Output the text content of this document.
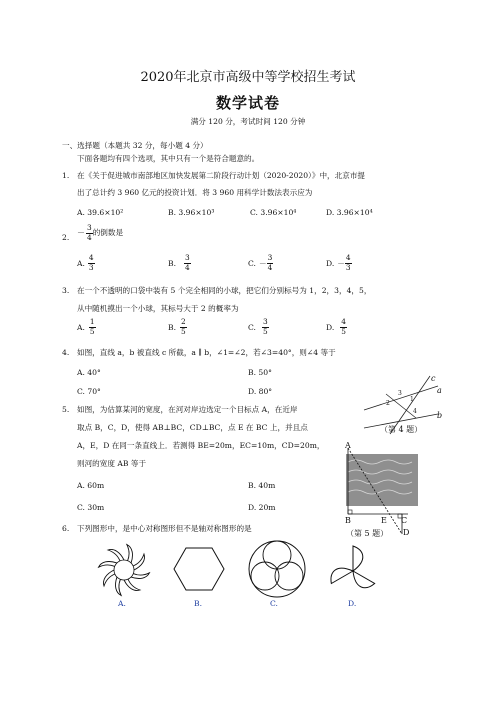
2020年北京市高级中等学校招生考试
数学试卷
满分 120 分，考试时间 120 分钟
一、选择题（本题共 32 分，每小题 4 分）
下面各题均有四个选项，其中只有一个是符合题意的。
1. 在《关于促进城市南部地区加快发展第二阶段行动计划（2020-2020）》中，北京市提
出了总计约 3 960 亿元的投资计划．将 3 960 用科学计数法表示应为
A. 39.6×10²	B. 3.96×10³	C. 3.96×10⁴	D. 3.96×10⁴
2.
－ $\frac{3}{4}$ 的倒数是
A. $\frac{4}{3}$	B. $\frac{3}{4}$	C. － $\frac{3}{4}$	D. － $\frac{4}{3}$
3. 在一个不透明的口袋中装有 5 个完全相同的小球，把它们分别标号为 1，2，3，4，5，
从中随机摸出一个小球，其标号大于 2 的概率为
A. $\frac{1}{5}$	B. $\frac{2}{5}$	C. $\frac{3}{5}$	D. $\frac{4}{5}$
4. 如图，直线 a，b 被直线 c 所截，a ∥ b，∠1=∠2，若∠3=40°，则∠4 等于
A. 40°	B. 50°
C. 70°	D. 80°
c
a
b
3
1
2
4
（第 4 题）
5. 如图，为估算某河的宽度，在河对岸边选定一个目标点 A，在近岸
取点 B，C，D，使得 AB⊥BC，CD⊥BC，点 E 在 BC 上，并且点
A，E，D 在同一条直线上．若测得 BE=20m，EC=10m，CD=20m，
则河的宽度 AB 等于
A. 60m	B. 40m
C. 30m	D. 20m
A
B	E C
D
（第 5 题）
6. 下列图形中，是中心对称图形但不是轴对称图形的是
A.	B.	C.	D.
